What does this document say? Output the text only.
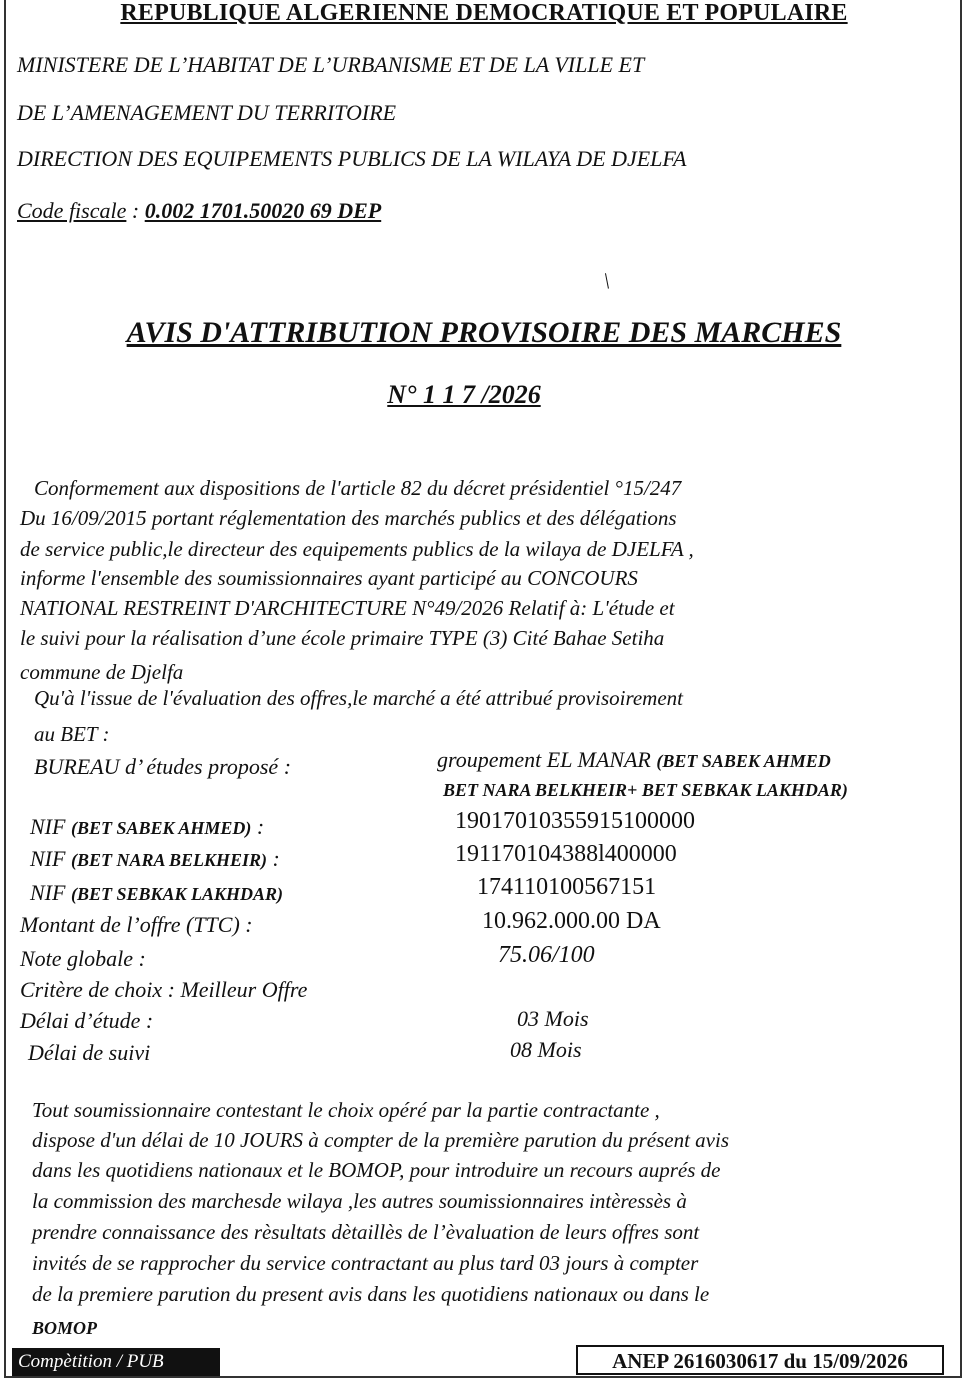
REPUBLIQUE ALGERIENNE DEMOCRATIQUE ET POPULAIRE
MINISTERE DE L’HABITAT DE L’URBANISME ET DE LA VILLE ET
DE L’AMENAGEMENT DU TERRITOIRE
DIRECTION DES EQUIPEMENTS PUBLICS DE LA WILAYA DE DJELFA
Code fiscale : 0.002 1701.50020 69 DEP
/
AVIS D'ATTRIBUTION PROVISOIRE DES MARCHES
N° 1 1 7 /2026
Conformement aux dispositions de l'article 82 du décret présidentiel °15/247
Du 16/09/2015 portant réglementation des marchés publics et des délégations
de service public,le directeur des equipements publics de la wilaya de DJELFA ,
informe l'ensemble des soumissionnaires ayant participé au CONCOURS
NATIONAL RESTREINT D'ARCHITECTURE N°49/2026 Relatif à: L'étude et
le suivi pour la réalisation d’une école primaire TYPE (3) Cité Bahae Setiha
commune de Djelfa
Qu'à l'issue de l'évaluation des offres,le marché a été attribué provisoirement
au BET :
BUREAU d’ études proposé :	groupement EL MANAR (BET SABEK AHMED
BET NARA BELKHEIR+ BET SEBKAK LAKHDAR)
NIF (BET SABEK AHMED) :	19017010355915100000
NIF (BET NARA BELKHEIR) :	191170104388l400000
NIF (BET SEBKAK LAKHDAR)	174110100567151
Montant de l’offre (TTC) :	10.962.000.00 DA
Note globale :	75.06/100
Critère de choix : Meilleur Offre
Délai d’étude :	03 Mois
Délai de suivi	08 Mois
Tout soumissionnaire contestant le choix opéré par la partie contractante ,
dispose d'un délai de 10 JOURS à compter de la première parution du présent avis
dans les quotidiens nationaux et le BOMOP, pour introduire un recours auprés de
la commission des marchesde wilaya ,les autres soumissionnaires intèressès à
prendre connaissance des rèsultats dètaillès de l’èvaluation de leurs offres sont
invités de se rapprocher du service contractant au plus tard 03 jours à compter
de la premiere parution du present avis dans les quotidiens nationaux ou dans le
BOMOP
Compètition / PUB	ANEP 2616030617 du 15/09/2026
